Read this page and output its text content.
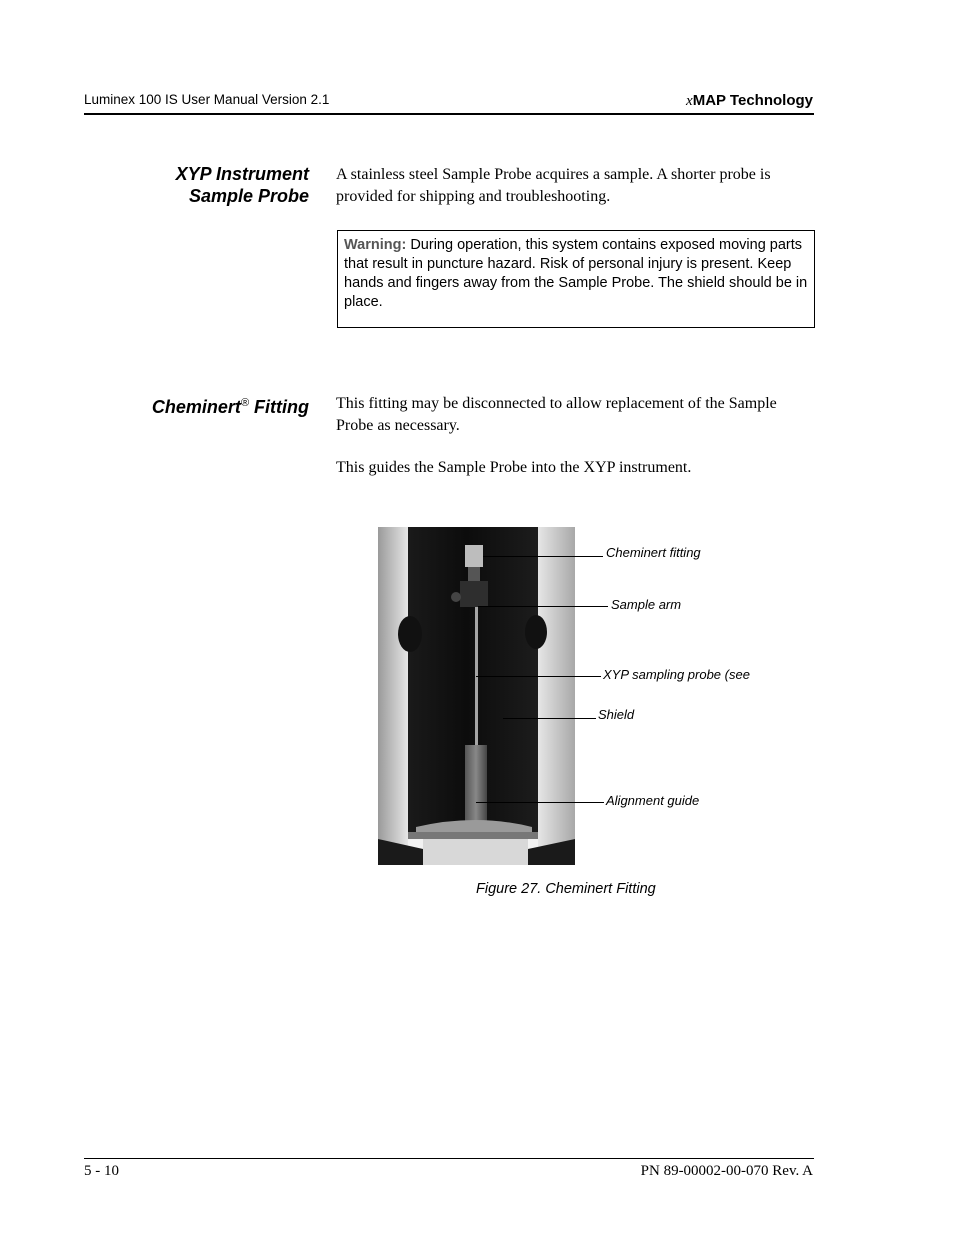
Luminex 100 IS User Manual Version 2.1	xMAP Technology
XYP Instrument
Sample Probe
A stainless steel Sample Probe acquires a sample. A shorter probe is provided for shipping and troubleshooting.
Warning: During operation, this system contains exposed moving parts that result in puncture hazard. Risk of personal injury is present. Keep hands and fingers away from the Sample Probe. The shield should be in place.
Cheminert® Fitting This fitting may be disconnected to allow replacement of the Sample Probe as necessary.
This guides the Sample Probe into the XYP instrument.
Cheminert fitting
Sample arm
XYP sampling probe (see
Shield
Alignment guide
Figure 27. Cheminert Fitting
5 - 10	PN 89-00002-00-070 Rev. A
